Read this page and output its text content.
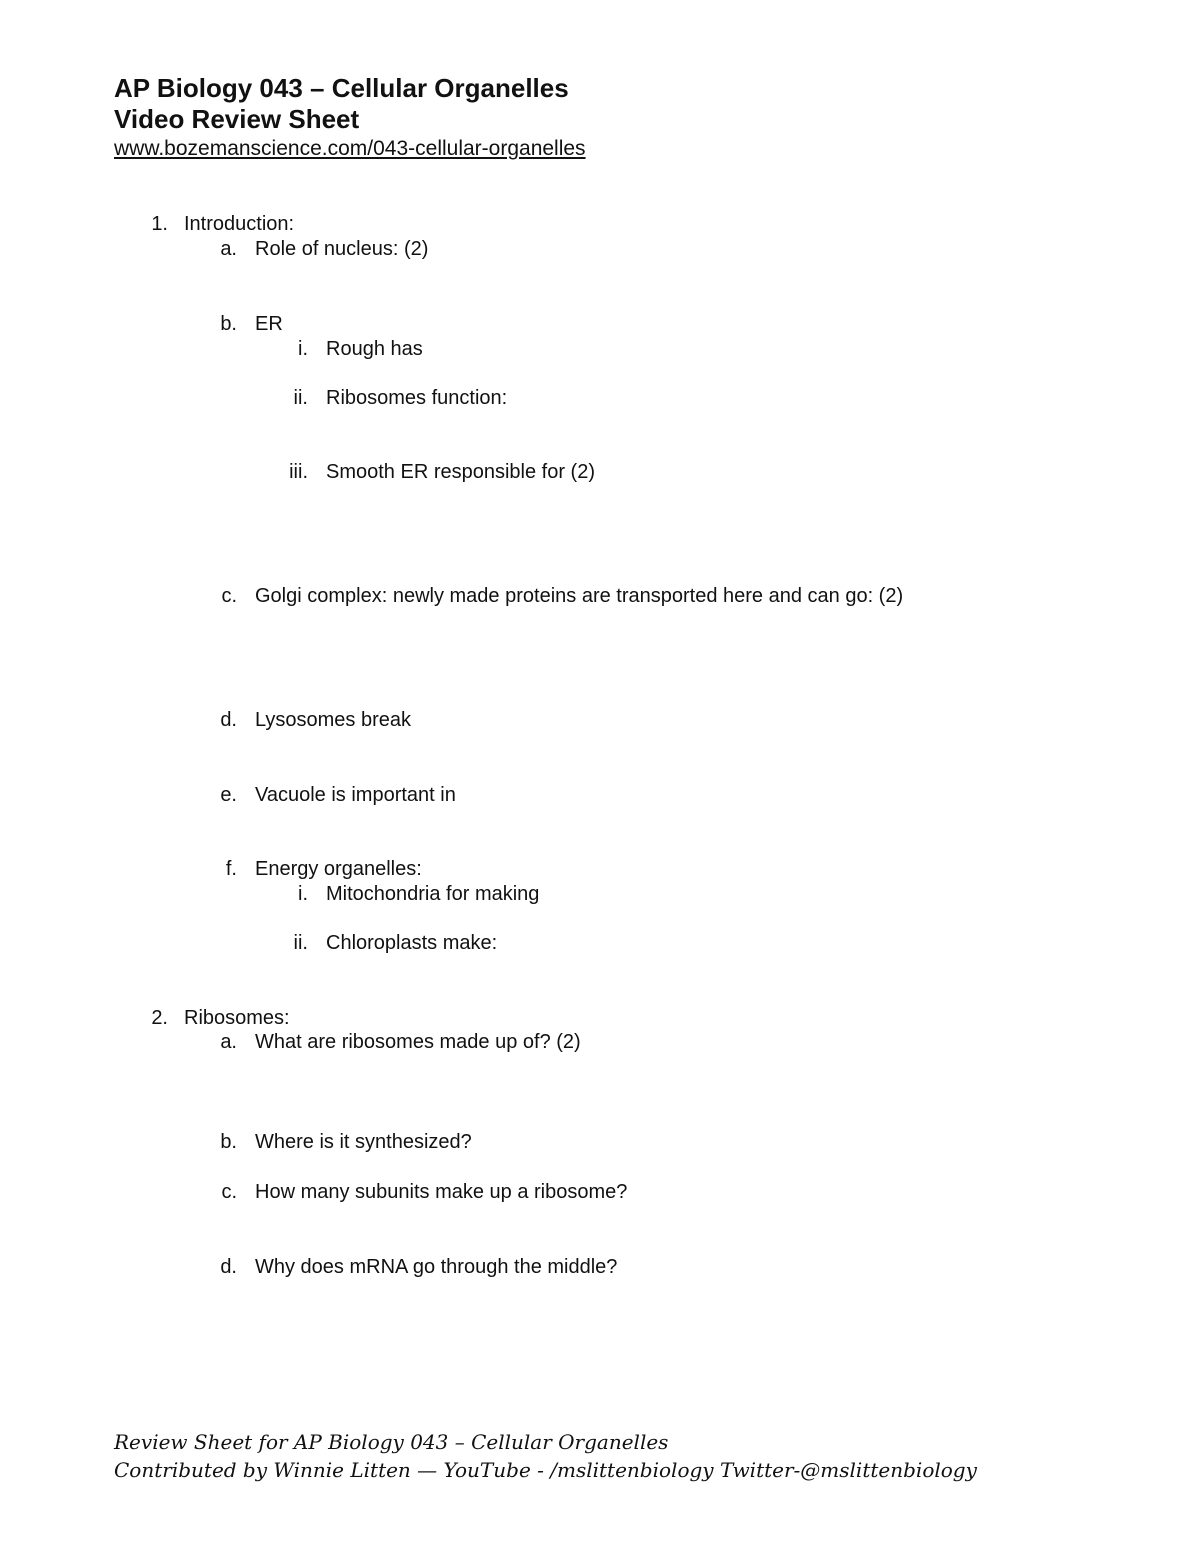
AP Biology 043 – Cellular Organelles
Video Review Sheet
www.bozemanscience.com/043-cellular-organelles
1. Introduction:
a. Role of nucleus: (2)
b. ER
i. Rough has
ii. Ribosomes function:
iii. Smooth ER responsible for (2)
c. Golgi complex: newly made proteins are transported here and can go: (2)
d. Lysosomes break
e. Vacuole is important in
f. Energy organelles:
i. Mitochondria for making
ii. Chloroplasts make:
2. Ribosomes:
a. What are ribosomes made up of? (2)
b. Where is it synthesized?
c. How many subunits make up a ribosome?
d. Why does mRNA go through the middle?
Review Sheet for AP Biology 043 – Cellular Organelles
Contributed by Winnie Litten — YouTube - /mslittenbiology Twitter-@mslittenbiology
